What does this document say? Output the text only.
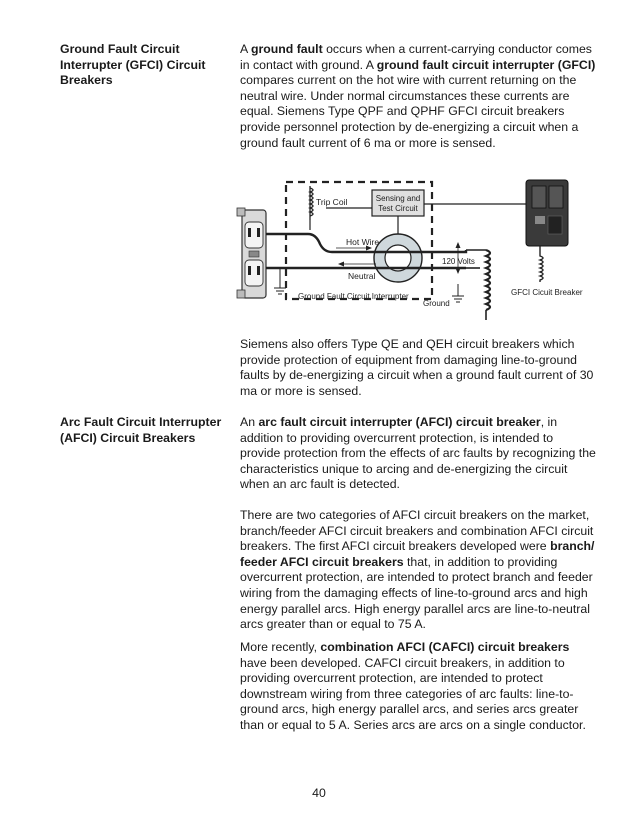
Ground Fault Circuit Interrupter (GFCI) Circuit Breakers
A ground fault occurs when a current-carrying conductor comes in contact with ground. A ground fault circuit interrupter (GFCI) compares current on the hot wire with current returning on the neutral wire. Under normal circumstances these currents are equal. Siemens Type QPF and QPHF GFCI circuit breakers provide personnel protection by de-energizing a circuit when a ground fault current of 6 ma or more is sensed.
Trip Coil	Sensing and
Test Circuit
Hot Wire
Neutral
120 Volts
GFCI Cicuit Breaker
Ground Fault Circuit Interrupter
Ground
Siemens also offers Type QE and QEH circuit breakers which provide protection of equipment from damaging line-to-ground faults by de-energizing a circuit when a ground fault current of 30 ma or more is sensed.
Arc Fault Circuit Interrupter (AFCI) Circuit Breakers
An arc fault circuit interrupter (AFCI) circuit breaker, in addition to providing overcurrent protection, is intended to provide protection from the effects of arc faults by recognizing the characteristics unique to arcing and de-energizing the circuit when an arc fault is detected.
There are two categories of AFCI circuit breakers on the market, branch/feeder AFCI circuit breakers and combination AFCI circuit breakers. The first AFCI circuit breakers developed were branch/ feeder AFCI circuit breakers that, in addition to providing overcurrent protection, are intended to protect branch and feeder wiring from the damaging effects of line-to-ground arcs and high energy parallel arcs. High energy parallel arcs are line-to-neutral arcs greater than or equal to 75 A.
More recently, combination AFCI (CAFCI) circuit breakers have been developed. CAFCI circuit breakers, in addition to providing overcurrent protection, are intended to protect downstream wiring from three categories of arc faults: line-to-ground arcs, high energy parallel arcs, and series arcs greater than or equal to 5 A. Series arcs are arcs on a single conductor.
40
